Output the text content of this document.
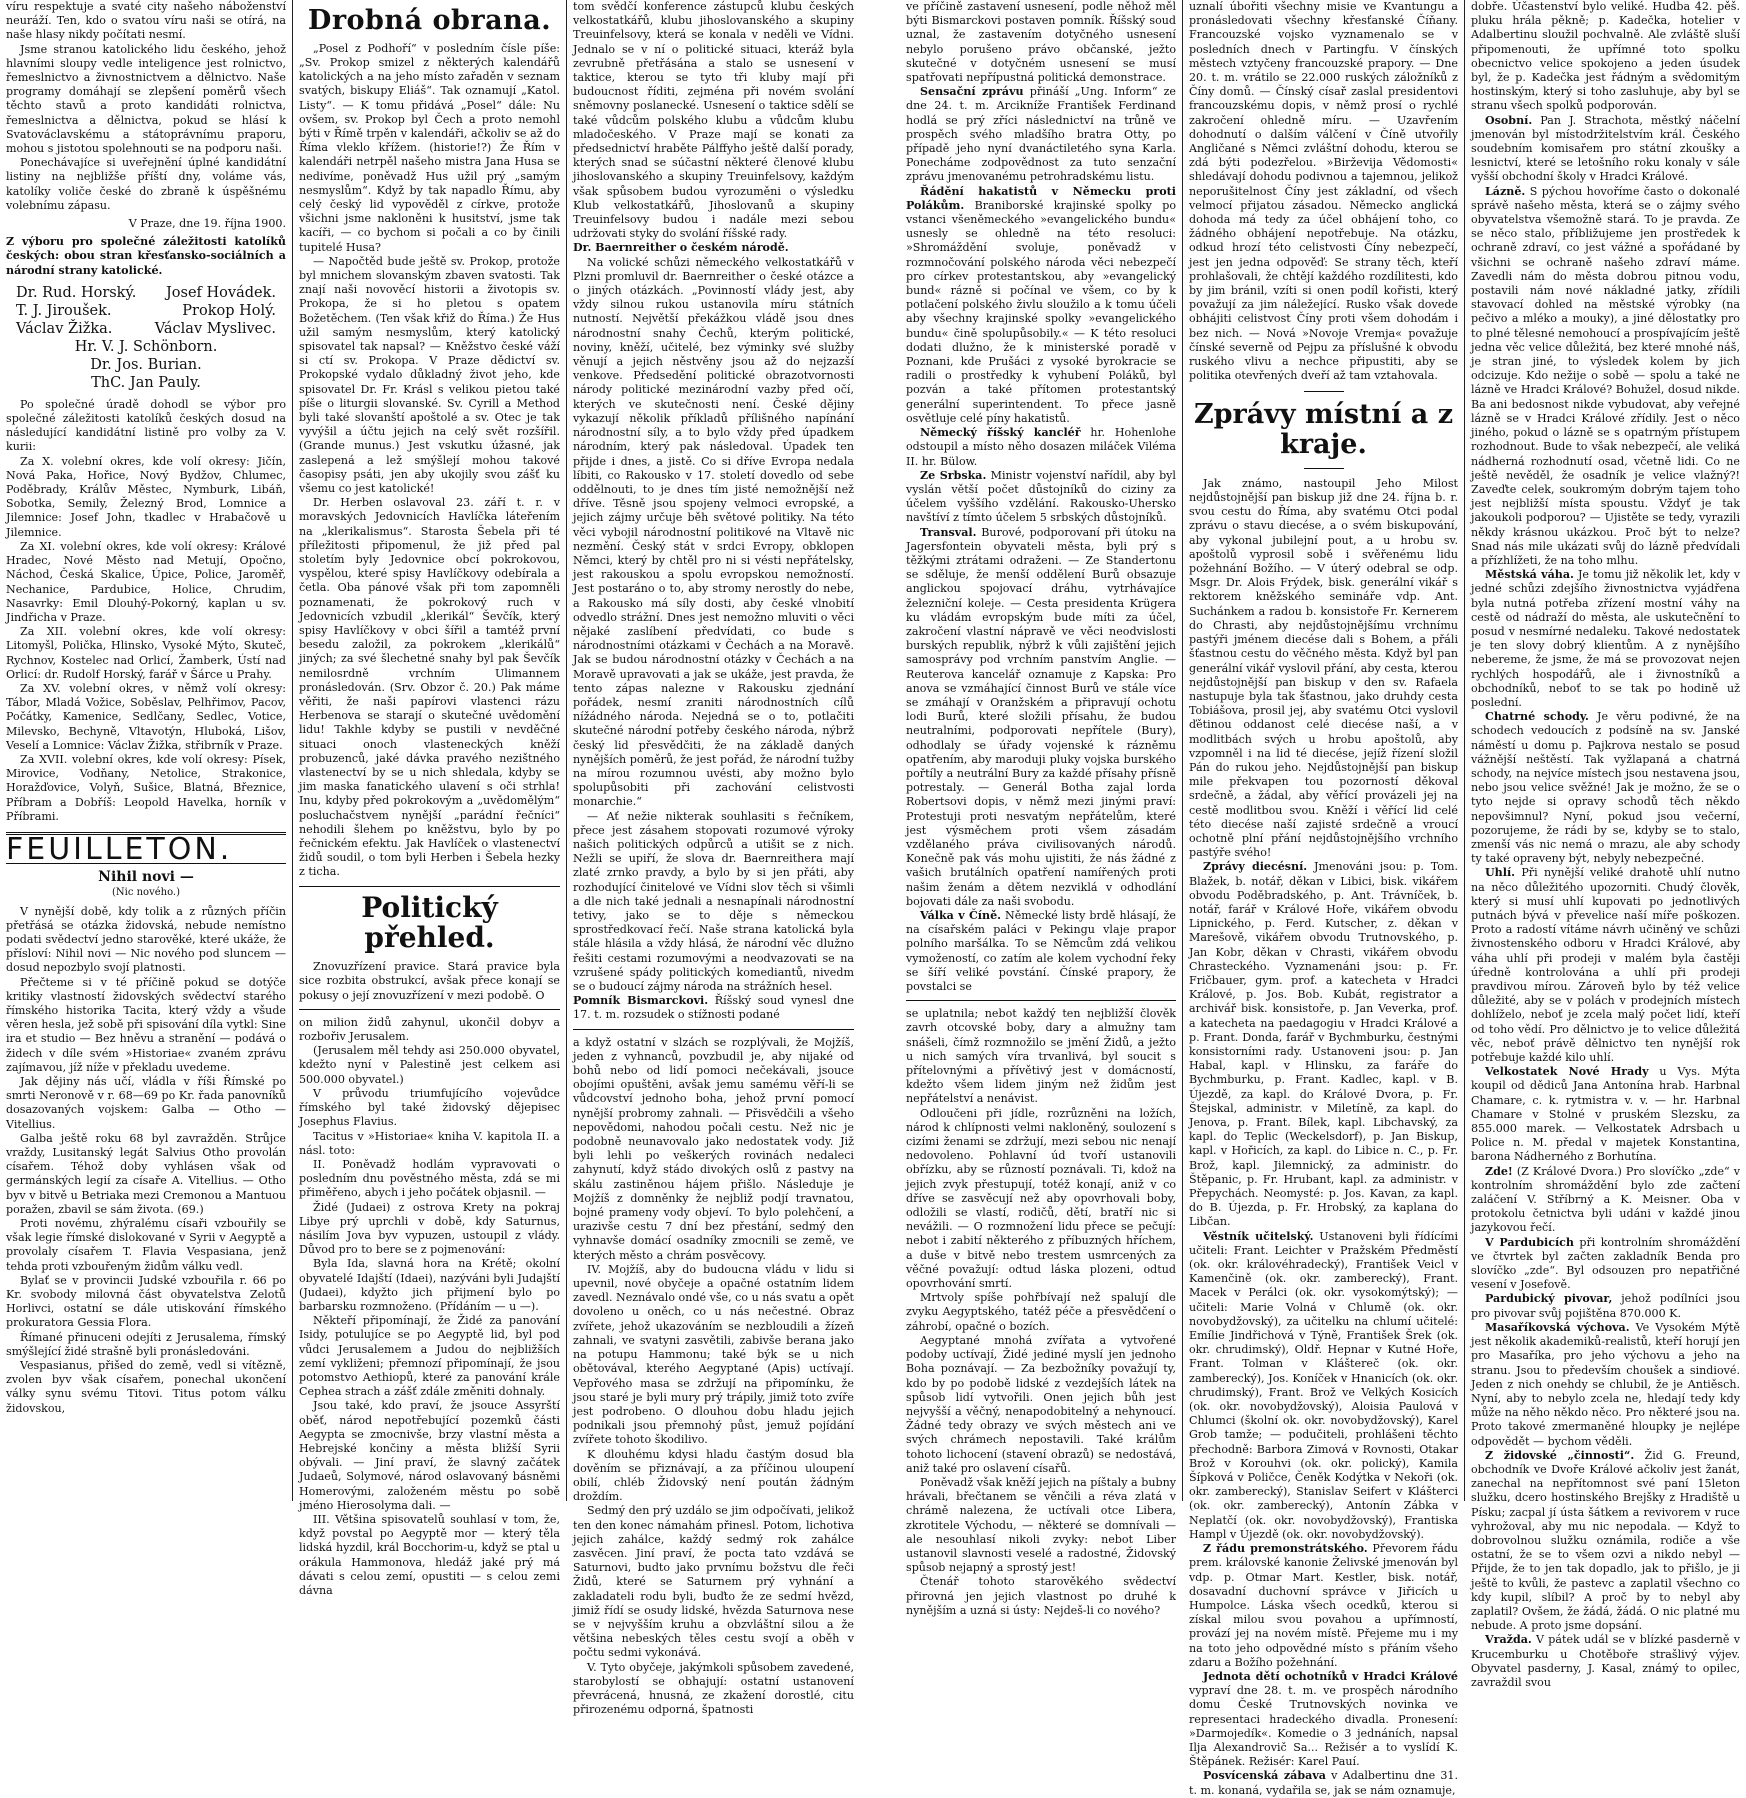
víru respektuje a svaté city našeho náboženství neuráží. Ten, kdo o svatou víru naši se otírá, na naše hlasy nikdy počítati nesmí.

Jsme stranou katolického lidu českého, jehož hlavními sloupy vedle inteligence jest rolnictvo, řemeslnictvo a živnostnictvem a dělnictvo. Naše programy domáhají se zlepšení poměrů všech těchto stavů a proto kandidáti rolnictva, řemeslnictva a dělnictva, pokud se hlásí k Svatováclavskému a státoprávnímu praporu, mohou s jistotou spolehnouti se na podporu naši.

Ponechávajíce si uveřejnění úplné kandidátní listiny na nejbližše příští dny, voláme vás, katolíky voliče české do zbraně k úspěšnému volebnímu zápasu.

V Praze, dne 19. října 1900.

Z výboru pro společné záležitosti katolíků českých: obou stran křesťansko-sociálních a národní strany katolické.

Dr. Rud. Horský. Josef Hovádek.
T. J. Jiroušek.	Prokop Holý.
Václav Žižka.	Václav Myslivec.
Hr. V. J. Schönborn.
Dr. Jos. Burian.
ThC. Jan Pauly.

Po společné úradě dohodl se výbor pro společné záležitosti katolíků českých dosud na následující kandidátní listině pro volby za V. kurii:

Za X. volební okres, kde volí okresy: Jičín, Nová Paka, Hořice, Nový Bydžov, Chlumec, Poděbrady, Králův Městec, Nymburk, Libáň, Sobotka, Semily, Železný Brod, Lomnice a Jilemnice: Josef John, tkadlec v Hrabačově u Jilemnice.

Za XI. volební okres, kde volí okresy: Králové Hradec, Nové Město nad Metují, Opočno, Náchod, Česká Skalice, Úpice, Police, Jaroměř, Nechanice, Pardubice, Holice, Chrudim, Nasavrky: Emil Dlouhý-Pokorný, kaplan u sv. Jindřicha v Praze.

Za XII. volební okres, kde volí okresy: Litomyšl, Polička, Hlinsko, Vysoké Mýto, Skuteč, Rychnov, Kostelec nad Orlicí, Žamberk, Ústí nad Orlicí: dr. Rudolf Horský, farář v Šárce u Prahy.

Za XV. volební okres, v němž volí okresy: Tábor, Mladá Vožice, Soběslav, Pelhřimov, Pacov, Počátky, Kamenice, Sedlčany, Sedlec, Votice, Milevsko, Bechyně, Vltavotýn, Hluboká, Lišov, Veselí a Lomnice: Václav Žižka, střibrník v Praze.

Za XVII. volební okres, kde volí okresy: Písek, Mirovice, Vodňany, Netolice, Strakonice, Horažďovice, Volyň, Sušice, Blatná, Březnice, Příbram a Dobříš: Leopold Havelka, horník v Příbrami.

FEUILLETON.
Nihil novi —
(Nic nového.)

V nynější době, kdy tolik a z různých příčin přetřásá se otázka židovská, nebude nemístno podati svědectví jedno starověké, které ukáže, že přísloví: Nihil novi — Nic nového pod sluncem — dosud nepozbylo svojí platnosti.

Přečteme si v té příčině pokud se dotýče kritiky vlastností židovských svědectví starého římského historika Tacita, který vždy a všude věren hesla, jež sobě při spisování díla vytkl: Sine ira et studio — Bez hněvu a stranění — podává o židech v díle svém »Historiae« zvaném zprávu zajímavou, jíž níže v překladu uvedeme.

Jak dějiny nás učí, vládla v říši Římské po smrti Neronově v r. 68—69 po Kr. řada panovníků dosazovaných vojskem: Galba — Otho — Vitellius.

Galba ještě roku 68 byl zavražděn. Strůjce vraždy, Lusitanský legát Salvius Otho provolán císařem. Téhož doby vyhlásen však od germánských legií za císaře A. Vitellius. — Otho byv v bitvě u Betriaka mezi Cremonou a Mantuou poražen, zbavil se sám života. (69.)

Proti novému, zhýralému císaři vzbouřily se však legie římské dislokované v Syrii v Aegyptě a provolaly císařem T. Flavia Vespasiana, jenž tehda proti vzbouřeným židům válku vedl.

Bylať se v provincii Judské vzbouřila r. 66 po Kr. svobody milovná část obyvatelstva Zelotů Horlivci, ostatní se dále utiskování římského prokuratora Gessia Flora.

Římané přinuceni odejíti z Jerusalema, římský smýšlející židé strašně byli pronásledováni.

Vespasianus, přišed do země, vedl si vítězně, zvolen byv však císařem, ponechal ukončení války synu svému Titovi. Titus potom válku židovskou,

Drobná obrana.

„Posel z Podhoří“ v posledním čísle píše: „Sv. Prokop smizel z některých kalendářů katolických a na jeho místo zařaděn v seznam svatých, biskupy Eliáš“. Tak oznamují „Katol. Listy“. — K tomu přidává „Posel“ dále: Nu ovšem, sv. Prokop byl Čech a proto nemohl býti v Římě trpěn v kalendáři, ačkoliv se až do Říma vleklo křížem. (historie!?) Že Řím v kalendáři netrpěl našeho mistra Jana Husa se nedivíme, poněvadž Hus užil prý „samým nesmyslům“. Když by tak napadlo Římu, aby celý český lid vypověděl z církve, protože všichni jsme nakloněni k husitství, jsme tak kacíři, — co bychom si počali a co by činili tupitelé Husa?

— Napočtěd bude ještě sv. Prokop, protože byl mnichem slovanským zbaven svatosti. Tak znají naši novověcí historii a životopis sv. Prokopa, že si ho pletou s opatem Božetěchem. (Ten však křiž do Říma.) Že Hus užil samým nesmyslům, který katolický spisovatel tak napsal? — Kněžstvo české váží si ctí sv. Prokopa. V Praze dědictví sv. Prokopské vydalo důkladný život jeho, kde spisovatel Dr. Fr. Krásl s velikou pietou také píše o liturgii slovanské. Sv. Cyrill a Method byli také slovanští apoštolé a sv. Otec je tak vyvýšil a účtu jejich na celý svět rozšířil. (Grande munus.) Jest vskutku úžasné, jak zaslepená a lež smýšlejí mohou takové časopisy psáti, jen aby ukojily svou zášť ku všemu co jest katolické!

Dr. Herben oslavoval 23. září t. r. v moravských Jedovnicích Havlíčka láteřením na „klerikalismus“. Starosta Šebela při té příležitosti připomenul, že již před pal stoletím byly Jedovnice obcí pokrokovou, vyspělou, které spisy Havlíčkovy odebírala a četla. Oba pánové však při tom zapomněli poznamenati, že pokrokový ruch v Jedovnicích vzbudil „klerikál“ Ševčík, který spisy Havlíčkovy v obci šířil a tamtéž první besedu založil, za pokrokem „klerikálů“ jiných; za své šlechetné snahy byl pak Ševčík nemilosrdně vrchním Ulimannem pronásledován. (Srv. Obzor č. 20.) Pak máme věřiti, že naši papírovi vlastenci rázu Herbenova se starají o skutečné uvědomění lidu! Takhle kdyby se pustili v nevděčné situaci onoch vlasteneckých kněží probuzenců, jaké dávka pravého nezištného vlastenectví by se u nich shledala, kdyby se jim maska fanatického ulavení s oči strhla! Inu, kdyby před pokrokovým a „uvědomělým“ posluchačstvem nynější „parádní řečníci“ nehodili šlehem po kněžstvu, bylo by po řečnickém efektu. Jak Havlíček o vlastenectví židů soudil, o tom byli Herben i Šebela hezky z ticha.

Politický přehled.

Znovuzřízení pravice. Stará pravice byla sice rozbita obstrukcí, avšak přece konají se pokusy o její znovuzřízení v mezi podobě. O

on milion židů zahynul, ukončil dobyv a rozbořiv Jerusalem.

(Jerusalem měl tehdy asi 250.000 obyvatel, kdežto nyní v Palestině jest celkem asi 500.000 obyvatel.)

V průvodu triumfujícího vojevůdce římského byl také židovský dějepisec Josephus Flavius.

Tacitus v »Historiae« kniha V. kapitola II. a násl. toto:

II. Poněvadž hodlám vypravovati o posledním dnu pověstného města, zdá se mi přiměřeno, abych i jeho počátek objasnil. —

Židé (Judaei) z ostrova Krety na pokraj Libye prý uprchli v době, kdy Saturnus, násilím Jova byv vypuzen, ustoupil z vlády. Důvod pro to bere se z pojmenování:

Byla Ida, slavná hora na Krétě; okolní obyvatelé Idajští (Idaei), nazýváni byli Judajští (Judaei), kdyžto jich přijmení bylo po barbarsku rozmnoženo. (Přídáním — u —).

Někteří připomínají, že Židé za panování Isidy, potulujíce se po Aegyptě lid, byl pod vůdci Jerusalemem a Judou do nejbližších zemí vykliženi; přemnozí připomínají, že jsou potomstvo Aethiopů, které za panování krále Cephea strach a zášť zdále změniti dohnaly.

Jsou také, kdo praví, že jsouce Assyrští oběť, národ nepotřebující pozemků části Aegypta se zmocnivše, brzy vlastní města a Hebrejské končiny a města bližší Syrii obývali. — Jiní praví, že slavný začátek Judaeů, Solymové, národ oslavovaný básněmi Homerovými, založeném městu po sobě jméno Hierosolyma dali. —

III. Většina spisovatelů souhlasí v tom, že, když povstal po Aegyptě mor — který těla lidská hyzdil, král Bocchorim-u, když se ptal u orákula Hammonova, hledáž jaké prý má dávati s celou zemí, opustiti — s celou zemi dávna

tom svědčí konference zástupců klubu českých velkostatkářů, klubu jihoslovanského a skupiny Treuinfelsovy, která se konala v neděli ve Vídni. Jednalo se v ní o politické situaci, kteráž byla zevrubně přetřásána a stalo se usnesení v taktice, kterou se tyto tři kluby mají při budoucnost říditi, zejména při novém svolání sněmovny poslanecké. Usnesení o taktice sdělí se také vůdcům polského klubu a vůdcům klubu mladočeského. V Praze mají se konati za předsednictví hraběte Pálffyho ještě další porady, kterých snad se súčastní některé členové klubu jihoslovanského a skupiny Treuinfelsovy, každým však spůsobem budou vyrozuměni o výsledku Klub velkostatkářů, Jihoslovanů a skupiny Treuinfelsovy budou i nadále mezi sebou udržovati styky do svolání říšské rady.

Dr. Baernreither o českém národě.

Na volické schůzi německého velkostatkářů v Plzni promluvil dr. Baernreither o české otázce a o jiných otázkách. „Povinností vlády jest, aby vždy silnou rukou ustanovila míru státních nutností. Největší překážkou vládě jsou dnes národnostní snahy Čechů, kterým politické, noviny, kněží, učitelé, bez výminky své služby věnují a jejich něstvěny jsou až do nejzazší venkove. Předsedění politické obrazotvornosti národy politické mezinárodní vazby před očí, kterých ve skutečnosti není. České dějiny vykazují několik příkladů přílišného napínání národnostní síly, a to bylo vždy před úpadkem národním, který pak následoval. Úpadek ten přijde i dnes, a jistě. Co si dříve Evropa nedala líbiti, co Rakousko v 17. století dovedlo od sebe oddělnouti, to je dnes tím jisté nemožnější než dříve. Těsně jsou spojeny velmoci evropské, a jejich zájmy určuje běh světové politiky. Na této věci vybojil národnostní politikové na Vltavě nic nezmění. Český stát v srdci Evropy, obklopen Němci, který by chtěl pro ni si vésti nepřátelsky, jest rakouskou a spolu evropskou nemožností. Jest postaráno o to, aby stromy nerostly do nebe, a Rakousko má síly dosti, aby české vlnobití odvedlo strážní. Dnes jest nemožno mluviti o věci nějaké zaslíbení předvídati, co bude s národnostními otázkami v Čechách a na Moravě. Jak se budou národnostní otázky v Čechách a na Moravě upravovati a jak se ukáže, jest pravda, že tento zápas nalezne v Rakousku zjednání pořádek, nesmí zraniti národnostních cílů nížádného národa. Nejedná se o to, potlačiti skutečné národní potřeby českého národa, nýbrž český lid přesvědčiti, že na základě daných nynějších poměrů, že jest pořád, že národní tužby na mírou rozumnou uvésti, aby možno bylo spolupůsobiti při zachování celistvosti monarchie.“

— Ať nežie nikterak souhlasiti s řečníkem, přece jest zásahem stopovati rozumové výroky našich politických odpůrců a utišit se z nich. Nežli se upiří, že slova dr. Baernreithera mají zlaté zrnko pravdy, a bylo by si jen přáti, aby rozhodující činitelové ve Vídni slov těch si všimli a dle nich také jednali a nesnapínali národnostní tetivy, jako se to děje s německou sprostředkovací řečí. Naše strana katolická byla stále hlásila a vždy hlásá, že národní věc dlužno řešiti cestami rozumovými a neodvazovati se na vzrušené spády politických komediantů, nivedm se o budoucí zájmy národa na strážních hesel.

Pomník Bismarckovi. Říšský soud vynesl dne 17. t. m. rozsudek o stížnosti podané

a když ostatní v slzách se rozplývali, že Mojžíš, jeden z vyhnanců, povzbudil je, aby nijaké od bohů nebo od lidí pomoci nečekávali, jsouce obojími opuštěni, avšak jemu samému věří-li se vůdcovství jednoho boha, jehož první pomocí nynější probromy zahnali. — Přisvědčili a všeho nepovědomi, nahodou počali cestu. Než nic je podobně neunavovalo jako nedostatek vody. Již byli lehli po veškerých rovinách nedaleci zahynutí, když stádo divokých oslů z pastvy na skálu zastiněnou hájem přišlo. Následuje je Mojžíš z domněnky že nejbliž podjí travnatou, bojné prameny vody objeví. To bylo polehčení, a urazivše cestu 7 dní bez přestání, sedmý den vyhnavše domácí osadníky zmocnili se země, ve kterých město a chrám posvěcovy.

IV. Mojžíš, aby do budoucna vládu v lidu si upevnil, nové obyčeje a opačné ostatním lidem zavedl. Neznávalo ondé vše, co u nás svatu a opět dovoleno u oněch, co u nás nečestné. Obraz zvířete, jehož ukazováním se nezbloudili a žízeň zahnali, ve svatyni zasvětili, zabivše berana jako na potupu Hammonu; také býk se u nich obětovával, kterého Aegyptané (Apis) uctívají. Vepřového masa se zdržují na připomínku, že jsou staré je byli mury prý trápily, jimiž toto zvíře jest podrobeno. O dlouhou dobu hladu jejich podnikali jsou přemnohý půst, jemuž pojídání zvířete tohoto škodilivo.

K dlouhému kdysi hladu častým dosud bla dověním se přiznávají, a za příčinou uloupení obilí, chléb Židovský není poután žádným droždím.

Sedmý den prý uzdálo se jim odpočívati, jelikož ten den konec námahám přinesl. Potom, lichotiva jejich zahálce, každý sedmý rok zahálce zasvěcen. Jiní praví, že pocta tato vzdává se Saturnovi, budto jako prvnímu božstvu dle řeči Židů, které se Saturnem prý vyhnání a zakladateli rodu byli, buďto že ze sedmí hvězd, jimiž řídí se osudy lidské, hvězda Saturnova nese se v nejvyšším kruhu a obzvláštní silou a že většina nebeských těles cestu svojí a oběh v počtu sedmi vykonává.

V. Tyto obyčeje, jakýmkoli spůsobem zavedené, starobylostí se obhajují: ostatní ustanovení převrácená, hnusná, ze zkažení dorostlé, citu přirozenému odporná, špatnosti

ve příčině zastavení usnesení, podle něhož měl býti Bismarckovi postaven pomník. Říšský soud uznal, že zastavením dotyčného usnesení nebylo porušeno právo občanské, ježto skutečné v dotyčném usnesení se musí spatřovati nepřípustná politická demonstrace.

Sensační zprávu přináší „Ung. Inform“ ze dne 24. t. m. Arcikníže František Ferdinand hodlá se prý zříci následnictví na trůně ve prospěch svého mladšího bratra Otty, po případě jeho nyní dvanáctiletého syna Karla. Ponecháme zodpovědnost za tuto senzační zprávu jmenovanému petrohradskému listu.

Řádění hakatistů v Německu proti Polákům. Braniborské krajinské spolky po vstanci všeněmeckého »evangelického bundu« usnesly se ohledně na této resoluci: »Shromáždění svoluje, poněvadž v rozmnočování polského národa věci nebezpečí pro církev protestantskou, aby »evangelický bund« rázně si počínal ve všem, co by k potlačení polského živlu sloužilo a k tomu účeli aby všechny krajinské spolky »evangelického bundu« čině spolupůsobily.« — K této resoluci dodati dlužno, že k ministerské poradě v Poznani, kde Prušáci z vysoké byrokracie se radili o prostředky k vyhubení Poláků, byl pozván a také přítomen protestantský generální superintendent. To přece jasně osvětluje celé píny hakatistů.

Německý říšský kancléř hr. Hohenlohe odstoupil a místo něho dosazen miláček Viléma II. hr. Bülow.

Ze Srbska. Ministr vojenství nařídil, aby byl vyslán větší počet důstojníků do ciziny za účelem vyššího vzdělání. Rakousko-Uhersko navštíví z tímto účelem 5 srbských důstojníků.

Transval. Burové, podporovaní při útoku na Jagersfontein obyvateli města, byli prý s těžkými ztrátami odraženi. — Ze Standertonu se sděluje, že menší oddělení Burů obsazuje anglickou spojovací dráhu, vytrhávajíce železniční koleje. — Cesta presidenta Krügera ku vládám evropským bude míti za účel, zakročení vlastní nápravě ve věci neodvislosti burských republik, nýbrž k vůli zajištění jejich samosprávy pod vrchním panstvím Anglie. — Reuterova kancelář oznamuje z Kapska: Pro anova se vzmáhající činnost Burů ve stále více se zmáhají v Oranžském a připravují ochotu lodi Burů, které složili přísahu, že budou neutralními, podporovati nepřítele (Bury), odhodlaly se úřady vojenské k rázněmu opatřením, aby maroduji pluky vojska burského pořtíly a neutrální Bury za každé přísahy přísně potrestaly. — Generál Botha zajal lorda Robertsovi dopis, v němž mezi jinými praví: Protestuji proti nesvatým nepřátelům, které jest výsměchem proti všem zásadám vzdělaného práva civilisovaných národů. Konečně pak vás mohu ujistiti, že nás žádné z vašich brutálních opatření namířených proti našim ženám a dětem nezviklá v odhodlání bojovati dále za naši svobodu.

Válka v Číně. Německé listy brdě hlásají, že na císařském paláci v Pekingu vlaje prapor polního maršálka. To se Němcům zdá velikou vymožeností, co zatím ale kolem vychodní řeky se šíří veliké povstání. Čínské prapory, že povstalci se

se uplatnila; nebot každý ten nejbližší člověk zavrh otcovské boby, dary a almužny tam snášeli, čímž rozmnožilo se jmění Židů, a ježto u nich samých víra trvanlivá, byl soucit s přítelovnými a přívětivý jest v domácností, kdežto všem lidem jiným než židům jest nepřátelství a nenávist.

Odloučeni při jídle, rozrůzněni na ložích, národ k chlípnosti velmi nakloněný, soulození s cizími ženami se zdržují, mezi sebou nic nenají nedovoleno. Pohlavní úd tvoří ustanovili obřízku, aby se růzností poznávali. Ti, kdož na jejich zvyk přestupují, totéž konají, aniž v co dříve se zasvěcují než aby opovrhovali boby, odložili se vlastí, rodičů, dětí, bratří nic si nevážili. — O rozmnožení lidu přece se pečují: nebot i zabití některého z příbuzných hříchem, a duše v bitvě nebo trestem usmrcených za věčné považují: odtud láska plozeni, odtud opovrhování smrtí.

Mrtvoly spíše pohřbívají než spalují dle zvyku Aegyptského, tatéž péče a přesvědčení o záhrobí, opačné o bozích.

Aegyptané mnohá zvířata a vytvořené podoby uctívají, Židé jediné myslí jen jednoho Boha poznávají. — Za bezbožníky považují ty, kdo by po podobě lidské z vezdejších látek na spůsob lidí vytvořili. Onen jejich bůh jest nejvyšší a věčný, nenapodobitelný a nehynoucí. Žádné tedy obrazy ve svých městech ani ve svých chrámech nepostavili. Také králům tohoto lichocení (stavení obrazů) se nedostává, aniž také pro oslavení císařů.

Poněvadž však kněží jejich na píštaly a bubny hrávali, břečtanem se věnčili a réva zlatá v chrámě nalezena, že uctívali otce Libera, zkrotitele Východu, — některé se domnívali — ale nesouhlasí nikoli zvyky: nebot Liber ustanovil slavnosti veselé a radostné, Židovský spůsob nejapný a sprostý jest!

Čtenář tohoto starověkého svědectví přirovná jen jejich vlastnost po druhé k nynějším a uzná si ústy: Nejdeš-li co nového?

uznalí úbořiti všechny misie ve Kvantungu a pronásledovati všechny křesťanské Číňany. Francouzské vojsko vyznamenalo se v posledních dnech v Partingfu. V čínských městech vztyčeny francouzské prapory. — Dne 20. t. m. vrátilo se 22.000 ruských záložníků z Číny domů. — Čínský císař zaslal presidentovi francouzskému dopis, v němž prosí o rychlé zakročení ohledně míru. — Uzavřením dohodnutí o dalším válčení v Číně utvořily Angličané s Němci zvláštní dohodu, kterou se zdá býti podezřelou. »Birževija Vědomosti« shledávají dohodu podivnou a tajemnou, jelikož neporušitelnost Číny jest základní, od všech velmocí přijatou zásadou. Německo anglická dohoda má tedy za účel obhájení toho, co žádného obhájení nepotřebuje. Na otázku, odkud hrozí této celistvosti Číny nebezpečí, jest jen jedna odpověď: Se strany těch, kteří prohlašovali, že chtějí každého rozdílitesti, kdo by jim bránil, vzíti si onen podíl kořisti, který považují za jim náležející. Rusko však dovede obhájiti celistvost Číny proti všem dohodám i bez nich. — Nová »Novoje Vremja« považuje čínské severně od Pejpu za příslušné k obvodu ruského vlivu a nechce připustiti, aby se politika otevřených dveří až tam vztahovala.

Zprávy místní a z kraje.

Jak známo, nastoupil Jeho Milost nejdůstojnější pan biskup již dne 24. října b. r. svou cestu do Říma, aby svatému Otci podal zprávu o stavu diecése, a o svém biskupování, aby vykonal jubilejní pout, a u hrobu sv. apoštolů vyprosil sobě i svěřenému lidu požehnání Božího. — V úterý odebral se odp. Msgr. Dr. Alois Frýdek, bisk. generální vikář s rektorem kněžského semináře vdp. Ant. Suchánkem a radou b. konsistoře Fr. Kernerem do Chrasti, aby nejdůstojnějšímu vrchnímu pastýři jménem diecése dali s Bohem, a přáli šťastnou cestu do věčného města. Když byl pan generální vikář vyslovil přání, aby cesta, kterou nejdůstojnější pan biskup v den sv. Rafaela nastupuje byla tak šťastnou, jako druhdy cesta Tobiášova, prosil jej, aby svatému Otci vyslovil ďětinou oddanost celé diecése naší, a v modlitbách svých u hrobu apoštolů, aby vzpomněl i na lid té diecése, jejíž řízení složil Pán do rukou jeho. Nejdůstojnější pan biskup mile překvapen tou pozorností děkoval srdečně, a žádal, aby věřící provázeli jej na cestě modlitbou svou. Kněží i věřící lid celé této diecése naší zajisté srdečně a vroucí ochotně plní přání nejdůstojnějšího vrchního pastýře svého!

Zprávy diecésní. Jmenováni jsou: p. Tom. Blažek, b. notář, děkan v Libici, bisk. vikářem obvodu Poděbradského, p. Ant. Trávníček, b. notář, farář v Králové Hoře, vikářem obvodu Lipnického, p. Ferd. Kutscher, z. děkan v Marešově, vikářem obvodu Trutnovského, p. Jan Kobr, děkan v Chrasti, vikářem obvodu Chrasteckého. Vyznamenáni jsou: p. Fr. Fričbauer, gym. prof. a katecheta v Hradci Králové, p. Jos. Bob. Kubát, registrator a archivář bisk. konsistoře, p. Jan Veverka, prof. a katecheta na paedagogiu v Hradci Králové a p. Frant. Donda, farář v Bychmburku, čestnými konsistorními rady. Ustanoveni jsou: p. Jan Habal, kapl. v Hlinsku, za faráře do Bychmburku, p. Frant. Kadlec, kapl. v B. Újezdě, za kapl. do Králové Dvora, p. Fr. Štejskal, administr. v Miletíně, za kapl. do Jenova, p. Frant. Bílek, kapl. Libchavský, za kapl. do Teplic (Weckelsdorf), p. Jan Biskup, kapl. v Hořicích, za kapl. do Libice n. C., p. Fr. Brož, kapl. Jilemnický, za administr. do Štěpanic, p. Fr. Hrubant, kapl. za administr. v Přepychách. Neomysté: p. Jos. Kavan, za kapl. do B. Újezda, p. Fr. Hrobský, za kaplana do Libčan.

Věstník učitelský. Ustanoveni byli řídícími učiteli: Frant. Leichter v Pražském Předměstí (ok. okr. královéhradecký), František Veicl v Kamenčině (ok. okr. zamberecký), Frant. Macek v Perálci (ok. okr. vysokomýtský); — učiteli: Marie Volná v Chlumě (ok. okr. novobydžovský), za učitelku na chlumí učitelé: Emílie Jindřichová v Týně, František Šrek (ok. okr. chrudimský), Oldř. Hepnar v Kutné Hoře, Frant. Tolman v Kláštereč (ok. okr. zamberecký), Jos. Koníček v Hnanicích (ok. okr. chrudimský), Frant. Brož ve Velkých Kosicích (ok. okr. novobydžovský), Aloisia Paulová v Chlumci (školní ok. okr. novobydžovský), Karel Grob tamže; — podučiteli, prohlášeni těchto přechodně: Barbora Zimová v Rovnosti, Otakar Brož v Korouhvi (ok. okr. polický), Kamila Šípková v Poličce, Čeněk Kodýtka v Nekoři (ok. okr. zamberecký), Stanislav Seifert v Klášterci (ok. okr. zamberecký), Antonín Zábka v Neplatčí (ok. okr. novobydžovský), Frantiska Hampl v Újezdě (ok. okr. novobydžovský).

Z řádu premonstrátského. Převorem řádu prem. královské kanonie Želivské jmenován byl vdp. p. Otmar Mart. Kestler, bisk. notář, dosavadní duchovní správce v Jiřicích u Humpolce. Láska všech ocedků, kterou si získal milou svou povahou a upřímností, provází jej na novém místě. Přejeme mu i my na toto jeho odpovědné místo s přáním všeho zdaru a Božího požehnání.

Jednota dětí ochotníků v Hradci Králové vypraví dne 28. t. m. ve prospěch národního domu České Trutnovských novinka ve representaci hradeckého divadla. Pronesení: »Darmojedík«. Komedie o 3 jednáních, napsal Ilja Alexandrovič Sa... Režisér a to vyslídí K. Štěpánek. Režisér: Karel Pauí.

Posvícenská zábava v Adalbertinu dne 31. t. m. konaná, vydařila se, jak se nám oznamuje,

dobře. Účastenství bylo veliké. Hudba 42. pěš. pluku hrála pěkně; p. Kadečka, hotelier v Adalbertinu sloužil pochvalně. Ale zvláště sluší připomenouti, že upřímné toto spolku obecnictvo velice spokojeno a jeden úsudek byl, že p. Kadečka jest řádným a svědomitým hostinským, který si toho zasluhuje, aby byl se stranu všech spolků podporován.

Osobní. Pan J. Strachota, městký náčelní jmenován byl místodržitelstvím král. Českého soudebním komisařem pro státní zkoušky a lesnictví, které se letošního roku konaly v sále vyšší obchodní školy v Hradci Králové.

Lázně. S pýchou hovoříme často o dokonalé správě našeho města, která se o zájmy svého obyvatelstva všemožně stará. To je pravda. Ze se něco stalo, příbližujeme jen prostředek k ochraně zdraví, co jest vážné a spořádané by všichni se ochraně našeho zdraví máme. Zavedli nám do města dobrou pitnou vodu, postavili nám nové nákladné jatky, zřídili stavovací dohled na městské výrobky (na pečivo a mléko a mouky), a jiné dělostatky pro to plné tělesné nemohoucí a prospívajícím ještě jedna věc velice důležitá, bez které mnohé náš, je stran jiné, to výsledek kolem by jich odcizuje. Kdo nežije o sobě — spolu a také ne lázně ve Hradci Králové? Bohužel, dosud nikde. Ba ani bedosnost nikde vybudovat, aby veřejné lázně se v Hradci Králové zřídily. Jest o něco jiného, pokud o lázně se s opatrným přístupem rozhodnout. Bude to však nebezpečí, ale veliká nádherná rozhodnutí osad, včetně lidi. Co ne ještě nevěděl, že osadník je velice vlažný?! Zaveďte celek, soukromým dobrým tajem toho jest nejbližší místa spoustu. Vždyť je tak jakoukoli podporou? — Ujistěte se tedy, vyrazili někdy krásnou ukázkou. Proč být to nelze? Snad nás mile ukázati svůj do lázně předvídali a přízhlížeti, že na toho mlhu.

Městská váha. Je tomu již několik let, kdy v jedné schůzi zdejšího živnostnictva vyjádřena byla nutná potřeba zřízení mostní váhy na cestě od nádraží do města, ale uskutečnění to posud v nesmírné nedaleku. Takové nedostatek je ten slovy dobrý klientům. A z nynějšího nebereme, že jsme, že má se provozovat nejen rychlých hospodářů, ale i živnostníků a obchodníků, neboť to se tak po hodině už poslední.

Chatrné schody. Je věru podivné, že na schodech vedoucích z podsíně na sv. Janské náměstí u domu p. Pajkrova nestalo se posud vážnější neštěstí. Tak vyžlapaná a chatrná schody, na nejvíce místech jsou nestavena jsou, nebo jsou velice svěžné! Jak je možno, že se o tyto nejde si opravy schodů těch někdo nepovšimnul? Nyní, pokud jsou večerní, pozorujeme, že rádi by se, kdyby se to stalo, zmenší vás nic nemá o mrazu, ale aby schody ty také opraveny být, nebyly nebezpečné.

Uhlí. Při nynější veliké drahotě uhlí nutno na něco důležitého upozorniti. Chudý člověk, který si musí uhlí kupovati po jednotlivých putnách bývá v převelice naší míře poškozen. Proto a radostí vítáme návrh učiněný ve schůzi živnostenského odboru v Hradci Králové, aby váha uhlí při prodeji v malém byla častěji úředně kontrolována a uhlí při prodeji pravdivou mírou. Zároveň bylo by též velice důležité, aby se v polách v prodejních místech dohlíželo, neboť je zcela malý počet lidí, kteří od toho vědí. Pro dělnictvo je to velice důležitá věc, neboť právě dělnictvo ten nynější rok potřebuje každé kilo uhlí.

Velkostatek Nové Hrady u Vys. Mýta koupil od dědiců Jana Antonína hrab. Harbnal Chamare, c. k. rytmistra v. v. — hr. Harbnal Chamare v Stolné v pruském Slezsku, za 855.000 marek. — Velkostatek Adrsbach u Police n. M. předal v majetek Konstantina, barona Nádherného z Borhutína.

Zde! (Z Králové Dvora.) Pro slovíčko „zde“ v kontrolním shromáždění bylo zde začtení zaláčení V. Stříbrný a K. Meisner. Oba v protokolu četnictva byli udáni v každé jinou jazykovou řečí.

V Pardubicích při kontrolním shromáždění ve čtvrtek byl začten zakladník Benda pro slovíčko „zde“. Byl odsouzen pro nepatřičné vesení v Josefově.

Pardubický pivovar, jehož podílníci jsou pro pivovar svůj pojištěna 870.000 K.

Masaříkovská výchova. Ve Vysokém Mýtě jest několik akademiků-realistů, kteří horují jen pro Masaříka, pro jeho výchovu a jeho na stranu. Jsou to především choušek a sindiové. Jeden z nich onehdy se chlubil, že je Antiěsch. Nyní, aby to nebylo zcela ne, hledají tedy kdy může na něho někdo něco. Pro některé jsou na. Proto takové zmermaněné hloupky je nejlépe odpovědět — bychom věděli.

Z židovské „činnosti“. Žid G. Freund, obchodník ve Dvoře Králové ačkoliv jest žanát, zanechal na nepřítomnost své paní 15leton služku, dcero hostinského Brejšky z Hradiště u Písku; zacpal jí ústa šátkem a revivorem v ruce vyhrožoval, aby mu nic nepodala. — Když to dobrovolnou služku oznámila, rodiče a vše ostatní, že se to všem ozvi a nikdo nebyl — Přijde, že to jen tak dopadlo, jak to přišlo, je ji ještě to kvůli, že pastevc a zaplatil všechno co kdy kupil, slíbil? A proč by to nebyl aby zaplatil? Ovšem, že žádá, žádá. O nic platné mu nebude. A proto jsme dopsání.

Vražda. V pátek udál se v blízké pasderně v Krucemburku u Chotěboře strašlivý výjev. Obyvatel pasderny, J. Kasal, známý to opilec, zavraždil svou
